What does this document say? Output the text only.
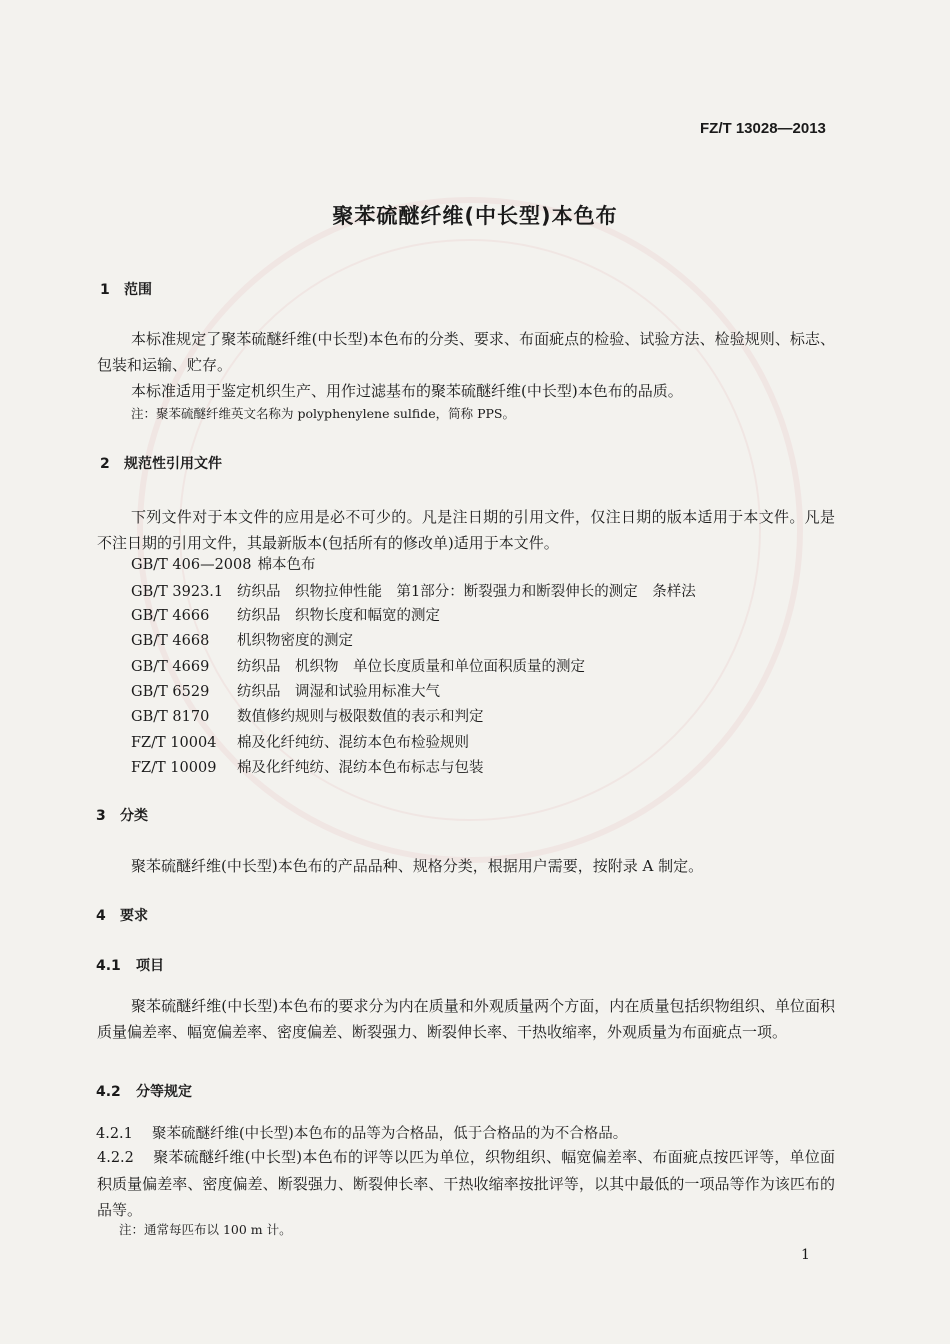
FZ/T 13028—2013
聚苯硫醚纤维(中长型)本色布
1 范围
本标准规定了聚苯硫醚纤维(中长型)本色布的分类、要求、布面疵点的检验、试验方法、检验规则、标志、包装和运输、贮存。
本标准适用于鉴定机织生产、用作过滤基布的聚苯硫醚纤维(中长型)本色布的品质。
注：聚苯硫醚纤维英文名称为 polyphenylene sulfide，简称 PPS。
2 规范性引用文件
下列文件对于本文件的应用是必不可少的。凡是注日期的引用文件，仅注日期的版本适用于本文件。凡是不注日期的引用文件，其最新版本(包括所有的修改单)适用于本文件。
GB/T 406—2008 棉本色布
GB/T 3923.1 纺织品　织物拉伸性能　第1部分：断裂强力和断裂伸长的测定　条样法
GB/T 4666 纺织品　织物长度和幅宽的测定
GB/T 4668 机织物密度的测定
GB/T 4669 纺织品　机织物　单位长度质量和单位面积质量的测定
GB/T 6529 纺织品　调湿和试验用标准大气
GB/T 8170 数值修约规则与极限数值的表示和判定
FZ/T 10004 棉及化纤纯纺、混纺本色布检验规则
FZ/T 10009 棉及化纤纯纺、混纺本色布标志与包装
3 分类
聚苯硫醚纤维(中长型)本色布的产品品种、规格分类，根据用户需要，按附录 A 制定。
4 要求
4.1 项目
聚苯硫醚纤维(中长型)本色布的要求分为内在质量和外观质量两个方面，内在质量包括织物组织、单位面积质量偏差率、幅宽偏差率、密度偏差、断裂强力、断裂伸长率、干热收缩率，外观质量为布面疵点一项。
4.2 分等规定
4.2.1 聚苯硫醚纤维(中长型)本色布的品等为合格品，低于合格品的为不合格品。
4.2.2 聚苯硫醚纤维(中长型)本色布的评等以匹为单位，织物组织、幅宽偏差率、布面疵点按匹评等，单位面积质量偏差率、密度偏差、断裂强力、断裂伸长率、干热收缩率按批评等，以其中最低的一项品等作为该匹布的品等。
注：通常每匹布以 100 m 计。
1
